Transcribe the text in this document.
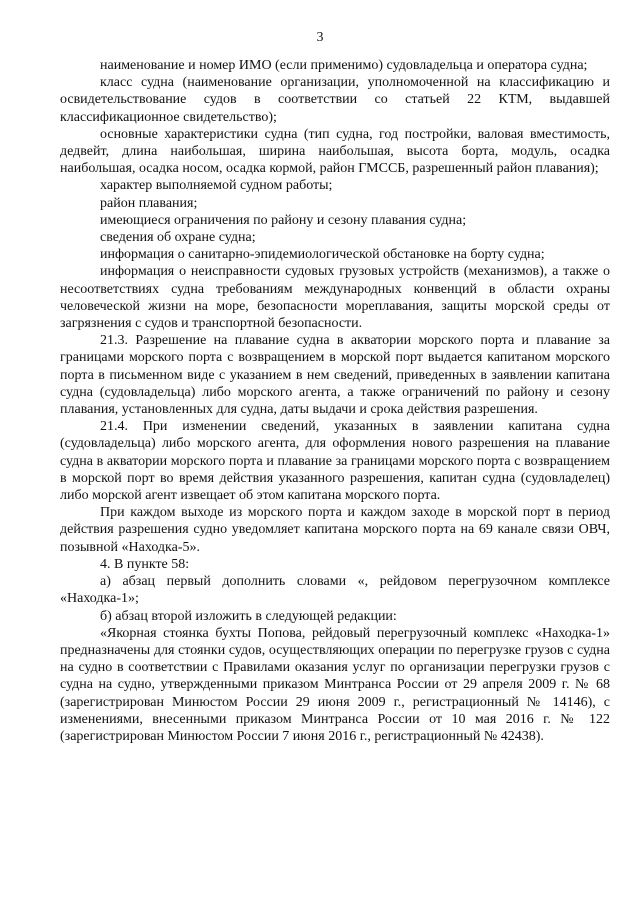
3

наименование и номер ИМО (если применимо) судовладельца и оператора судна;

класс судна (наименование организации, уполномоченной на классификацию и освидетельствование судов в соответствии со статьей 22 КТМ, выдавшей классификационное свидетельство);

основные характеристики судна (тип судна, год постройки, валовая вместимость, дедвейт, длина наибольшая, ширина наибольшая, высота борта, модуль, осадка наибольшая, осадка носом, осадка кормой, район ГМССБ, разрешенный район плавания);

характер выполняемой судном работы;

район плавания;

имеющиеся ограничения по району и сезону плавания судна;

сведения об охране судна;

информация о санитарно-эпидемиологической обстановке на борту судна;

информация о неисправности судовых грузовых устройств (механизмов), а также о несоответствиях судна требованиям международных конвенций в области охраны человеческой жизни на море, безопасности мореплавания, защиты морской среды от загрязнения с судов и транспортной безопасности.

21.3. Разрешение на плавание судна в акватории морского порта и плавание за границами морского порта с возвращением в морской порт выдается капитаном морского порта в письменном виде с указанием в нем сведений, приведенных в заявлении капитана судна (судовладельца) либо морского агента, а также ограничений по району и сезону плавания, установленных для судна, даты выдачи и срока действия разрешения.

21.4. При изменении сведений, указанных в заявлении капитана судна (судовладельца) либо морского агента, для оформления нового разрешения на плавание судна в акватории морского порта и плавание за границами морского порта с возвращением в морской порт во время действия указанного разрешения, капитан судна (судовладелец) либо морской агент извещает об этом капитана морского порта.

При каждом выходе из морского порта и каждом заходе в морской порт в период действия разрешения судно уведомляет капитана морского порта на 69 канале связи ОВЧ, позывной «Находка-5».

4. В пункте 58:

а) абзац первый дополнить словами «, рейдовом перегрузочном комплексе «Находка-1»;

б) абзац второй изложить в следующей редакции:

«Якорная стоянка бухты Попова, рейдовый перегрузочный комплекс «Находка-1» предназначены для стоянки судов, осуществляющих операции по перегрузке грузов с судна на судно в соответствии с Правилами оказания услуг по организации перегрузки грузов с судна на судно, утвержденными приказом Минтранса России от 29 апреля 2009 г. № 68 (зарегистрирован Минюстом России 29 июня 2009 г., регистрационный № 14146), с изменениями, внесенными приказом Минтранса России от 10 мая 2016 г. № 122 (зарегистрирован Минюстом России 7 июня 2016 г., регистрационный № 42438).
